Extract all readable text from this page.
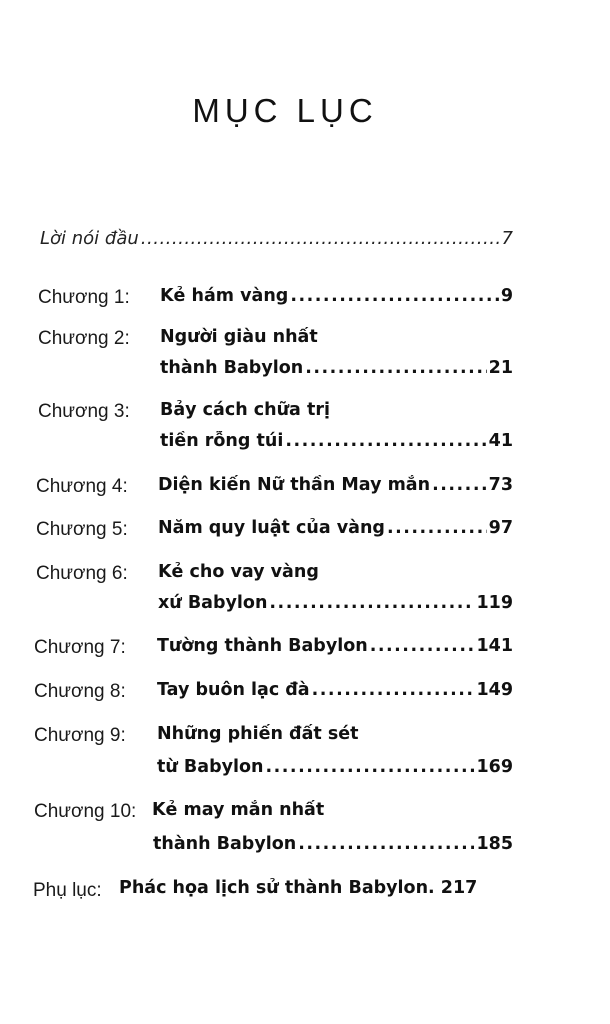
MỤC LỤC
Lời nói đầu .....	7
Chương 1: Kẻ hám vàng .....	9
Chương 2: Người giàu nhất
thành Babylon .....	21
Chương 3: Bảy cách chữa trị
tiền rỗng túi .....	41
Chương 4: Diện kiến Nữ thần May mắn .....	73
Chương 5: Năm quy luật của vàng .....	97
Chương 6: Kẻ cho vay vàng
xứ Babylon .....	119
Chương 7: Tường thành Babylon .....	141
Chương 8: Tay buôn lạc đà .....	149
Chương 9: Những phiến đất sét
từ Babylon .....	169
Chương 10: Kẻ may mắn nhất
thành Babylon .....	185
Phụ lục: Phác họa lịch sử thành Babylon . 217
